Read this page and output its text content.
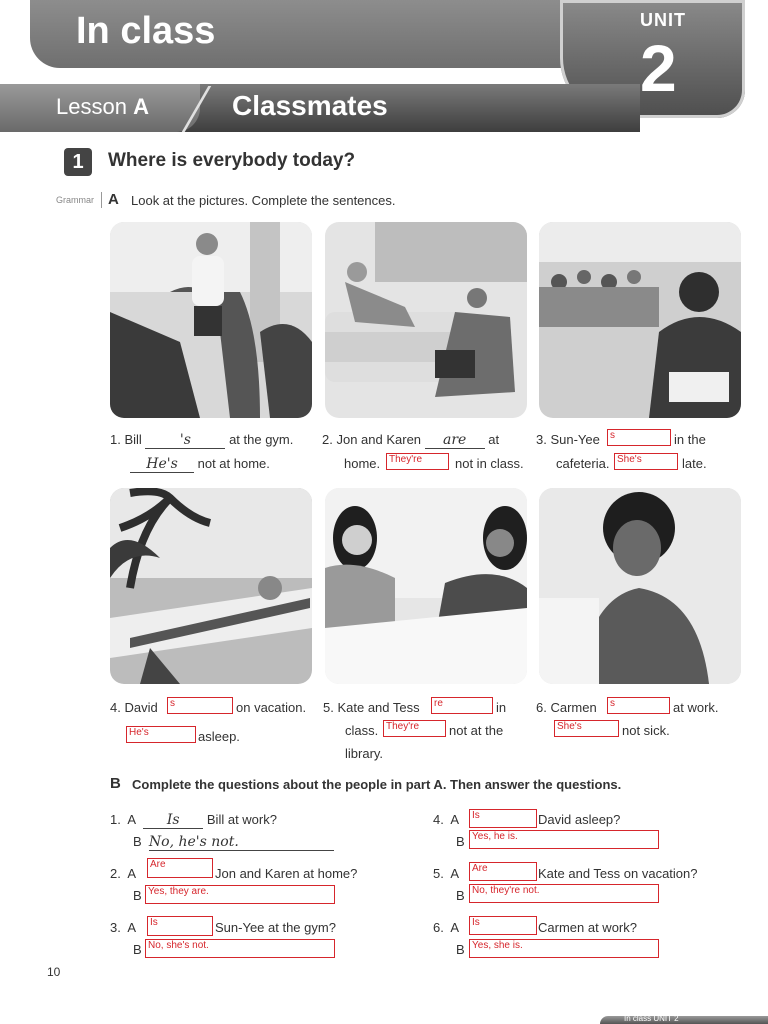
In class	UNIT
2
Lesson A	Classmates
1	Where is everybody today?
Grammar A Look at the pictures. Complete the sentences.
1. Bill	's	at the gym.
He's not at home.
2. Jon and Karen are at
home. They're	not in class.
3. Sun-Yee	s	in the
cafeteria. She's	late.
4. David	s	on vacation.
He's	asleep.
5. Kate and Tess	re	in
class. They're	not at the
library.
6. Carmen	s	at work.
She's	not sick.
B Complete the questions about the people in part A. Then answer the questions.
1. A Is Bill at work?
B No, he's not.
2. A
Are
Jon and Karen at home?
B Yes, they are.
3. A	Is	Sun-Yee at the gym?
B No, she's not.
4. A	Is	David asleep?
B Yes, he is.
5. A	Are	Kate and Tess on vacation?
B No, they're not.
6. A	Is	Carmen at work?
B Yes, she is.
10
In class UNIT 2
